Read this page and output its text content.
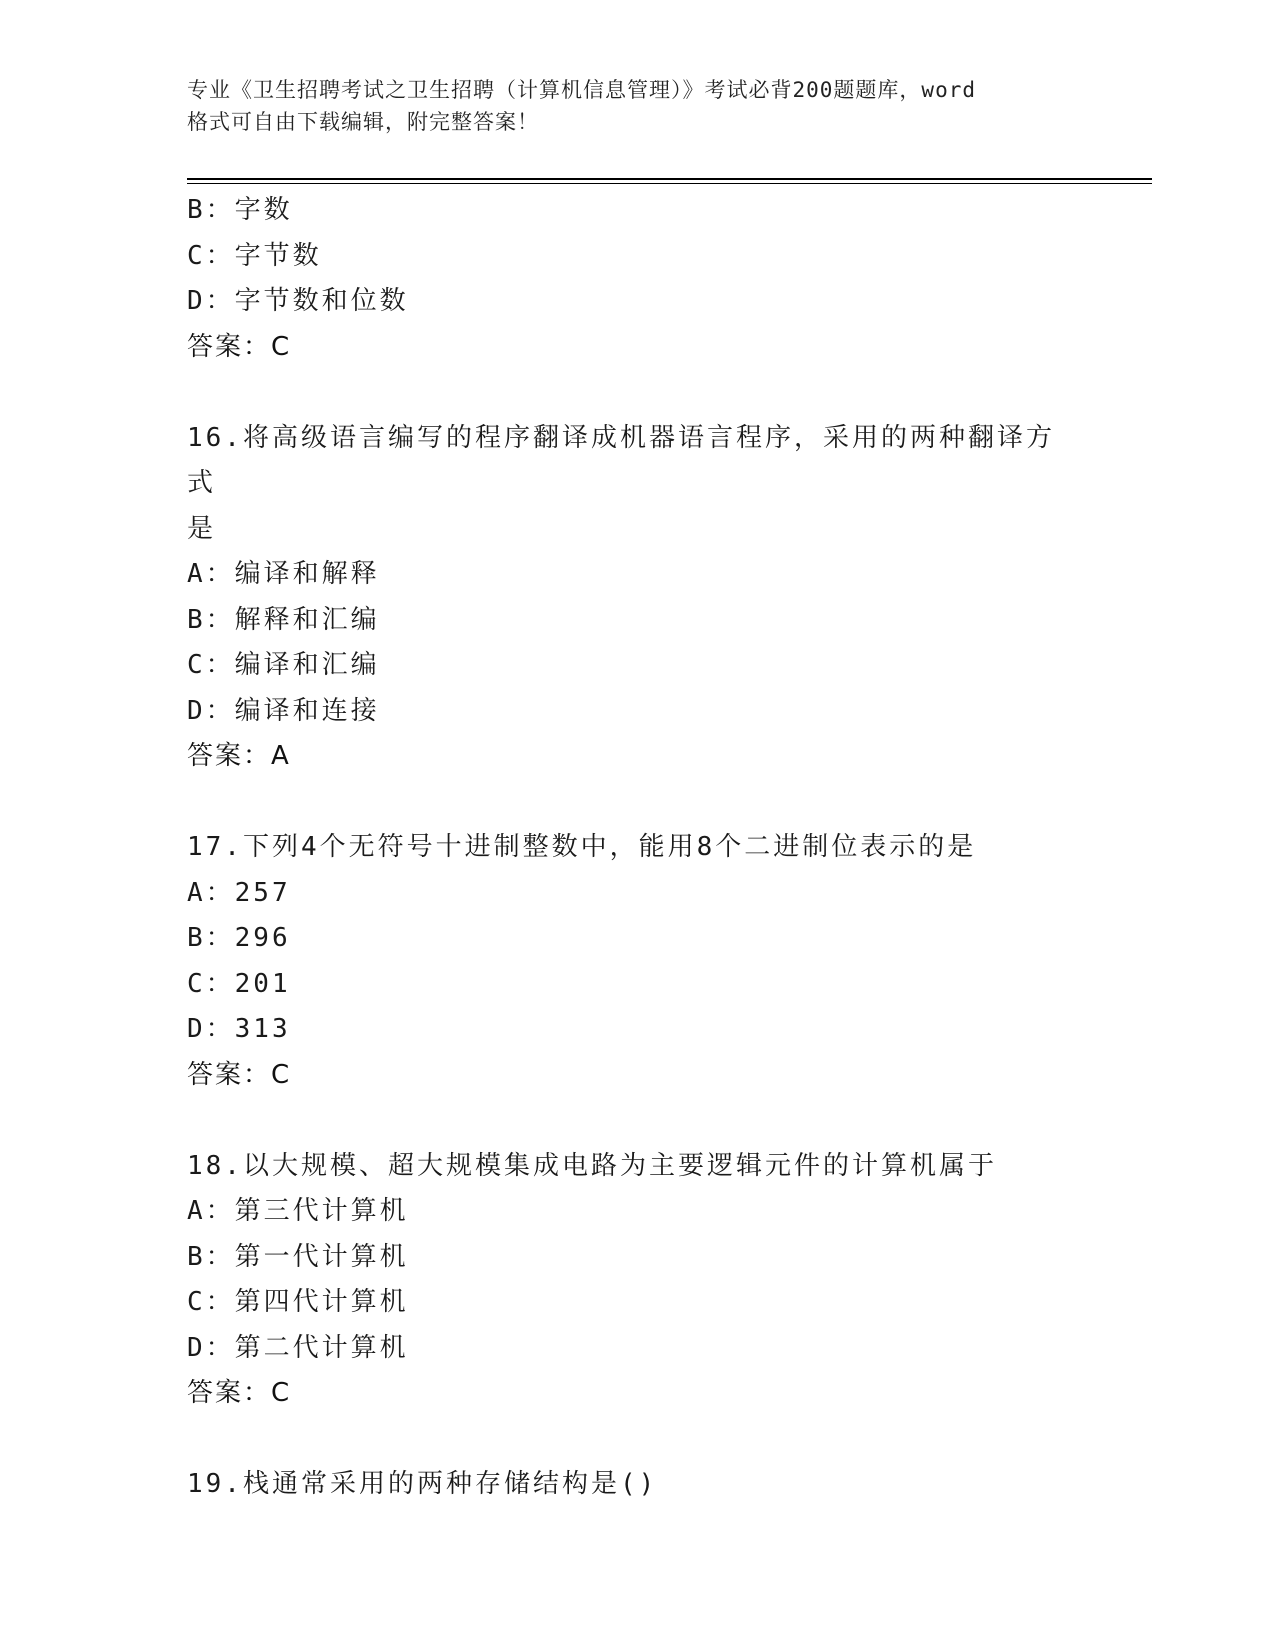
专业《卫生招聘考试之卫生招聘（计算机信息管理）》考试必背200题题库，word
格式可自由下载编辑，附完整答案！
B：字数
C：字节数
D：字节数和位数
答案：C
16.将高级语言编写的程序翻译成机器语言程序，采用的两种翻译方式
是
A：编译和解释
B：解释和汇编
C：编译和汇编
D：编译和连接
答案：A
17.下列4个无符号十进制整数中，能用8个二进制位表示的是
A：257
B：296
C：201
D：313
答案：C
18.以大规模、超大规模集成电路为主要逻辑元件的计算机属于
A：第三代计算机
B：第一代计算机
C：第四代计算机
D：第二代计算机
答案：C
19.栈通常采用的两种存储结构是()
